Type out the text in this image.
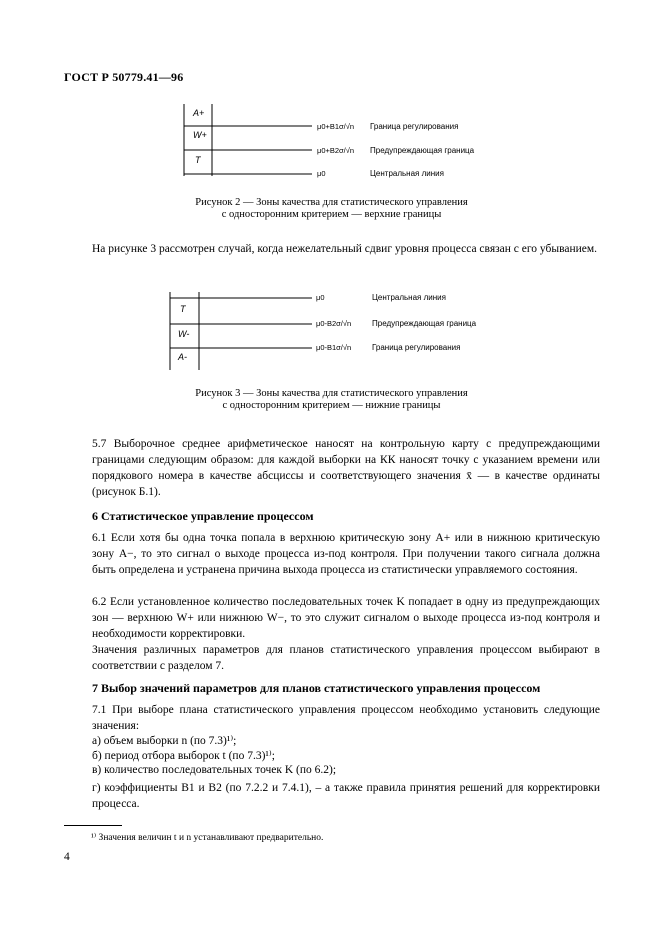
ГОСТ Р 50779.41—96
A+
W+
T
μ0+B1σ/√n Граница регулирования
μ0+B2σ/√n Предупреждающая граница
μ0	Центральная линия
Рисунок 2 — Зоны качества для статистического управления
с односторонним критерием — верхние границы
На рисунке 3 рассмотрен случай, когда нежелательный сдвиг уровня процесса связан с его убыванием.
T
W-
A-
μ0	Центральная линия
μ0-B2σ/√n	Предупреждающая граница
μ0-B1σ/√n	Граница регулирования
Рисунок 3 — Зоны качества для статистического управления
с односторонним критерием — нижние границы
5.7 Выборочное среднее арифметическое наносят на контрольную карту с предупреждающими границами следующим образом: для каждой выборки на КК наносят точку с указанием времени или порядкового номера в качестве абсциссы и соответствующего значения x̄ — в качестве ординаты (рисунок Б.1).
6 Статистическое управление процессом
6.1 Если хотя бы одна точка попала в верхнюю критическую зону A+ или в нижнюю критическую зону A−, то это сигнал о выходе процесса из-под контроля. При получении такого сигнала должна быть определена и устранена причина выхода процесса из статистически управляемого состояния.
6.2 Если установленное количество последовательных точек K попадает в одну из предупреждающих зон — верхнюю W+ или нижнюю W−, то это служит сигналом о выходе процесса из-под контроля и необходимости корректировки.
Значения различных параметров для планов статистического управления процессом выбирают в соответствии с разделом 7.
7 Выбор значений параметров для планов статистического управления процессом
7.1 При выборе плана статистического управления процессом необходимо установить следующие значения:
а) объем выборки n (по 7.3)¹⁾;
б) период отбора выборок t (по 7.3)¹⁾;
в) количество последовательных точек K (по 6.2);
г) коэффициенты B1 и B2 (по 7.2.2 и 7.4.1), – а также правила принятия решений для корректировки процесса.
¹⁾ Значения величин t и n устанавливают предварительно.
4
